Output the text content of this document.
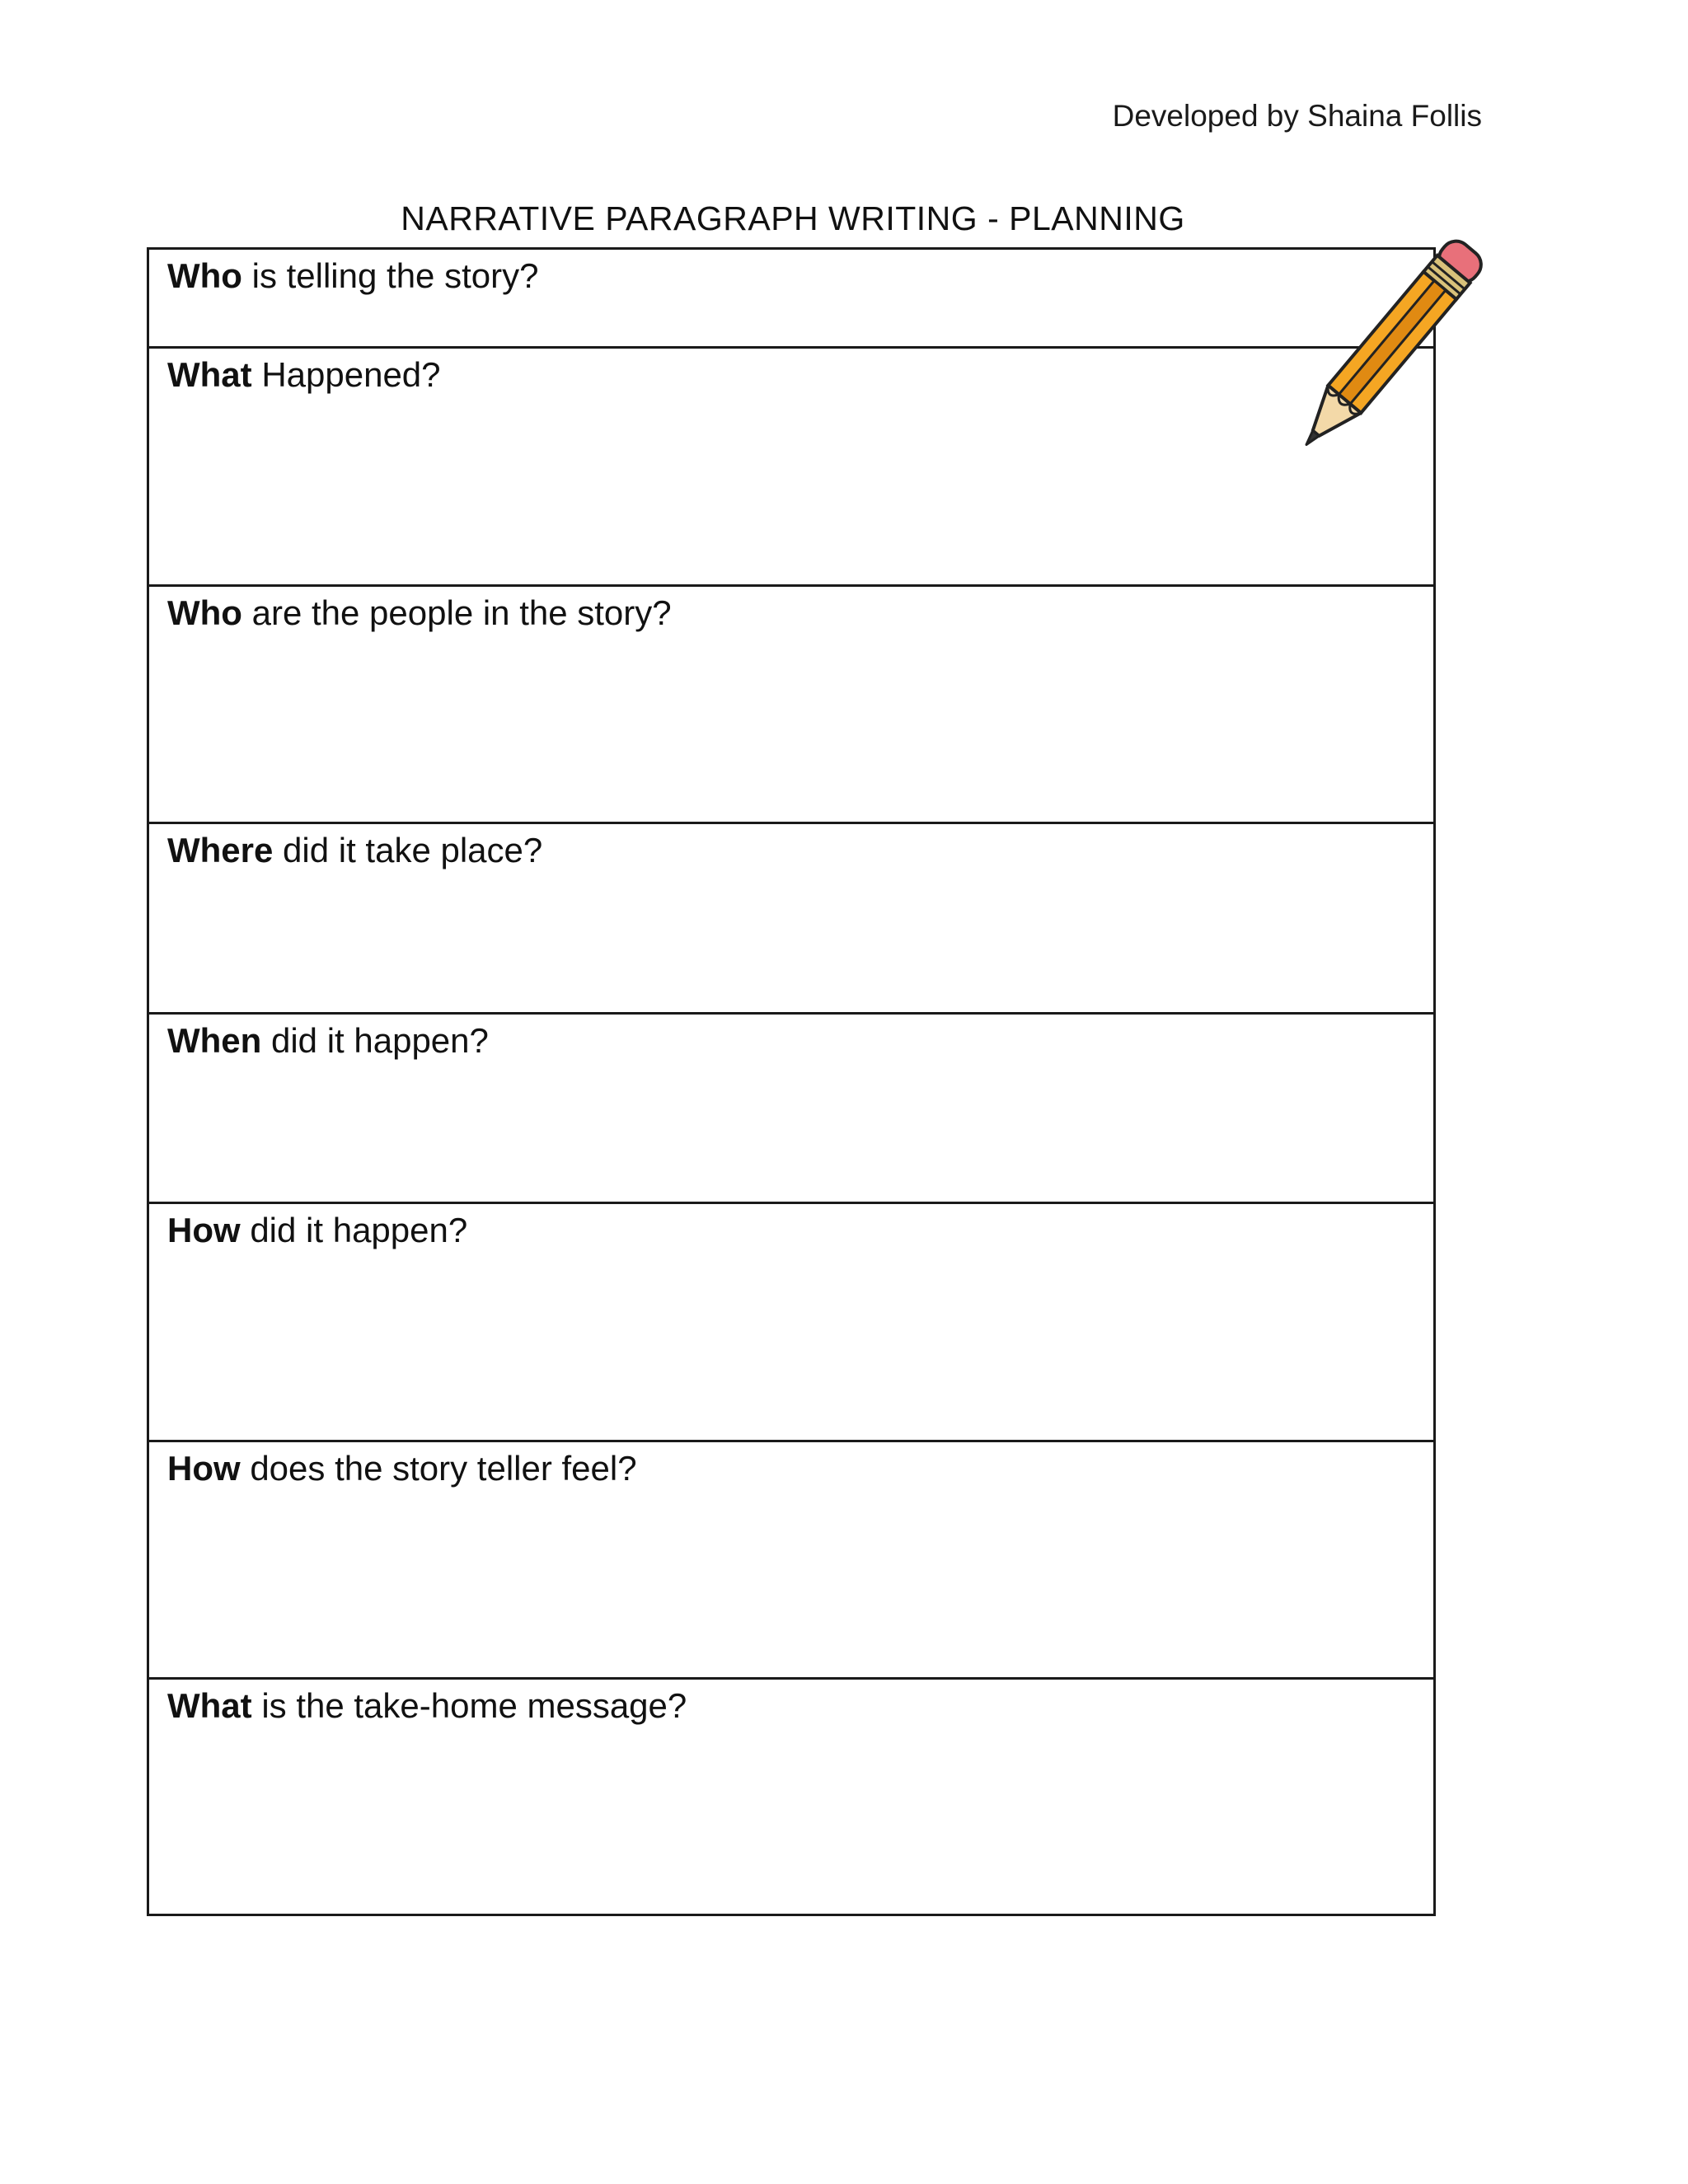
Developed by Shaina Follis
NARRATIVE PARAGRAPH WRITING - PLANNING
Who is telling the story?
What Happened?
Who are the people in the story?
Where did it take place?
When did it happen?
How did it happen?
How does the story teller feel?
What is the take-home message?
